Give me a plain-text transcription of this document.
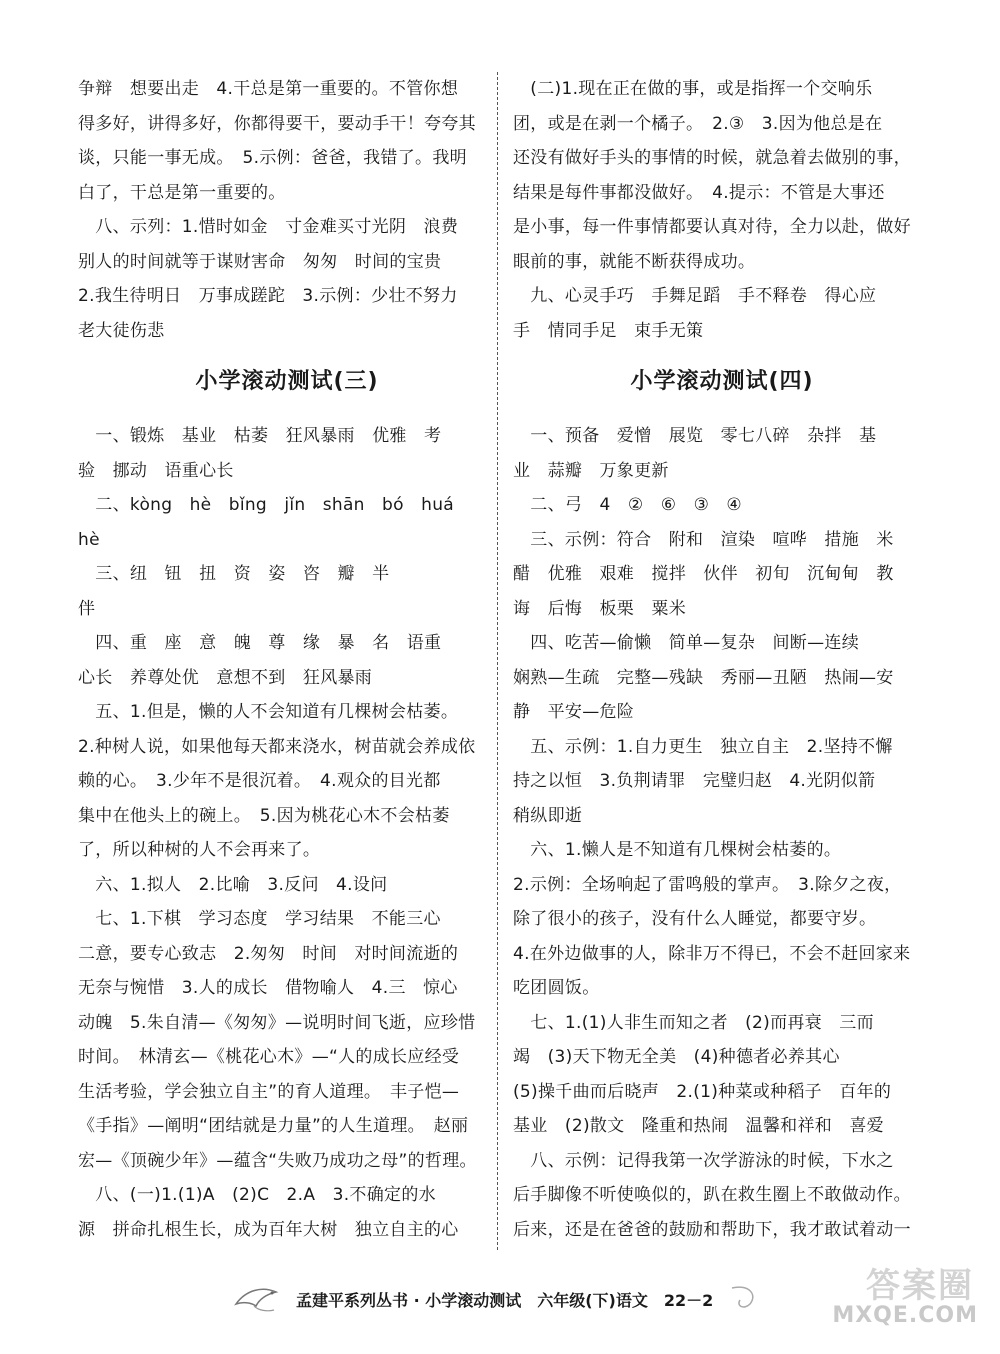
争辩　想要出走　4.干总是第一重要的。不管你想
得多好，讲得多好，你都得要干，要动手干！夸夸其
谈，只能一事无成。　5.示例：爸爸，我错了。我明
白了，干总是第一重要的。
　八、示列：1.惜时如金　寸金难买寸光阴　浪费
别人的时间就等于谋财害命　匆匆　时间的宝贵
2.我生待明日　万事成蹉跎　3.示例：少壮不努力
老大徒伤悲
小学滚动测试(三)
　一、锻炼　基业　枯萎　狂风暴雨　优雅　考
验　挪动　语重心长
　二、kòng　hè　bǐng　jǐn　shān　bó　huá
hè
　三、纽　钮　扭　资　姿　咨　瓣　半
伴
　四、重　座　意　魄　尊　缘　暴　名　语重
心长　养尊处优　意想不到　狂风暴雨
　五、1.但是，懒的人不会知道有几棵树会枯萎。
2.种树人说，如果他每天都来浇水，树苗就会养成依
赖的心。　3.少年不是很沉着。　4.观众的目光都
集中在他头上的碗上。　5.因为桃花心木不会枯萎
了，所以种树的人不会再来了。
　六、1.拟人　2.比喻　3.反问　4.设问
　七、1.下棋　学习态度　学习结果　不能三心
二意，要专心致志　2.匆匆　时间　对时间流逝的
无奈与惋惜　3.人的成长　借物喻人　4.三　惊心
动魄　5.朱自清—《匆匆》—说明时间飞逝，应珍惜
时间。　林清玄—《桃花心木》—“人的成长应经受
生活考验，学会独立自主”的育人道理。　丰子恺—
《手指》—阐明“团结就是力量”的人生道理。　赵丽
宏—《顶碗少年》—蕴含“失败乃成功之母”的哲理。
　八、(一)1.(1)A　(2)C　2.A　3.不确定的水
源　拼命扎根生长，成为百年大树　独立自主的心
　(二)1.现在正在做的事，或是指挥一个交响乐
团，或是在剥一个橘子。　2.③　3.因为他总是在
还没有做好手头的事情的时候，就急着去做别的事，
结果是每件事都没做好。　4.提示：不管是大事还
是小事，每一件事情都要认真对待，全力以赴，做好
眼前的事，就能不断获得成功。
　九、心灵手巧　手舞足蹈　手不释卷　得心应
手　情同手足　束手无策
小学滚动测试(四)
　一、预备　爱憎　展览　零七八碎　杂拌　基
业　蒜瓣　万象更新
　二、弓　4　②　⑥　③　④
　三、示例：符合　附和　渲染　喧哗　措施　米
醋　优雅　艰难　搅拌　伙伴　初旬　沉甸甸　教
诲　后悔　板栗　粟米
　四、吃苦—偷懒　简单—复杂　间断—连续
娴熟—生疏　完整—残缺　秀丽—丑陋　热闹—安
静　平安—危险
　五、示例：1.自力更生　独立自主　2.坚持不懈
持之以恒　3.负荆请罪　完璧归赵　4.光阴似箭
稍纵即逝
　六、1.懒人是不知道有几棵树会枯萎的。
2.示例：全场响起了雷鸣般的掌声。　3.除夕之夜，
除了很小的孩子，没有什么人睡觉，都要守岁。
4.在外边做事的人，除非万不得已，不会不赶回家来
吃团圆饭。
　七、1.(1)人非生而知之者　(2)而再衰　三而
竭　(3)天下物无全美　(4)种德者必养其心
(5)操千曲而后晓声　2.(1)种菜或种稻子　百年的
基业　(2)散文　隆重和热闹　温馨和祥和　喜爱
　八、示例：记得我第一次学游泳的时候，下水之
后手脚像不听使唤似的，趴在救生圈上不敢做动作。
后来，还是在爸爸的鼓励和帮助下，我才敢试着动一
孟建平系列丛书 · 小学滚动测试　六年级(下)语文　22－2	答案圈
MXQE.COM
